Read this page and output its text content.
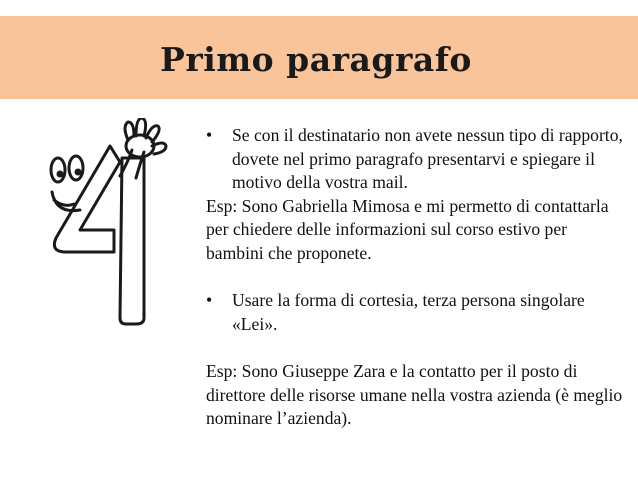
Primo paragrafo
• Se con il destinatario non avete nessun tipo di rapporto, dovete nel primo paragrafo presentarvi e spiegare il motivo della vostra mail.
Esp: Sono Gabriella Mimosa e mi permetto di contattarla per chiedere delle informazioni sul corso estivo per bambini che proponete.
• Usare la forma di cortesia, terza persona singolare «Lei».
Esp: Sono Giuseppe Zara e la contatto per il posto di direttore delle risorse umane nella vostra azienda (è meglio nominare l’azienda).
